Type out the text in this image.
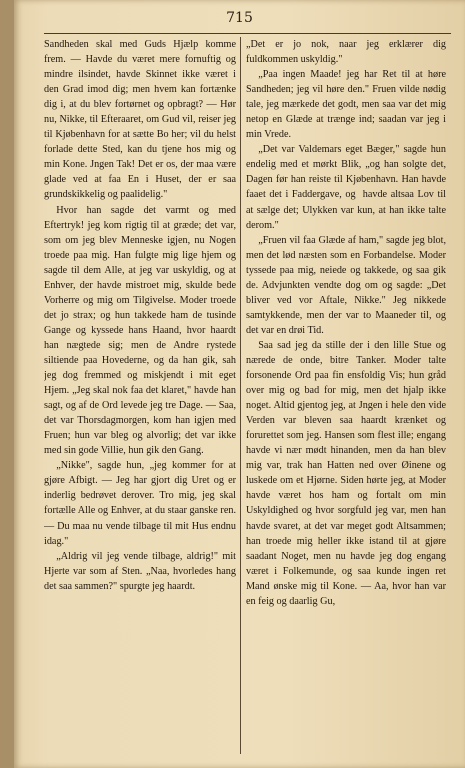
715

Sandheden skal med Guds Hjælp komme frem. — Havde du været mere fornuftig og mindre ilsindet, havde Skinnet ikke været i den Grad imod dig; men hvem kan fortænke dig i, at du blev fortørnet og opbragt? — Hør nu, Nikke, til Efteraaret, om Gud vil, reiser jeg til Kjøbenhavn for at sætte Bo her; vil du helst forlade dette Sted, kan du tjene hos mig og min Kone. Jngen Tak! Det er os, der maa være glade ved at faa En i Huset, der er saa grundskikkelig og paalidelig."

Hvor han sagde det varmt og med Eftertryk! jeg kom rigtig til at græde; det var, som om jeg blev Menneske igjen, nu Nogen troede paa mig. Han fulgte mig lige hjem og sagde til dem Alle, at jeg var uskyldig, og at Enhver, der havde mistroet mig, skulde bede Vorherre og mig om Tilgivelse. Moder troede det jo strax; og hun takkede ham de tusinde Gange og kyssede hans Haand, hvor haardt han nægtede sig; men de Andre rystede siltiende paa Hovederne, og da han gik, sah jeg dog fremmed og miskjendt i mit eget Hjem. „Jeg skal nok faa det klaret," havde han sagt, og af de Ord levede jeg tre Dage. — Saa, det var Thorsdagmorgen, kom han igjen med Fruen; hun var bleg og alvorlig; det var ikke med sin gode Villie, hun gik den Gang.

„Nikke", sagde hun, „jeg kommer for at gjøre Afbigt. — Jeg har gjort dig Uret og er inderlig bedrøvet derover. Tro mig, jeg skal fortælle Alle og Enhver, at du staar ganske ren. — Du maa nu vende tilbage til mit Hus endnu idag."

„Aldrig vil jeg vende tilbage, aldrig!" mit Hjerte var som af Sten. „Naa, hvorledes hang det saa sammen?" spurgte jeg haardt.

„Det er jo nok, naar jeg erklærer dig fuldkommen uskyldig."

„Paa ingen Maade! jeg har Ret til at høre Sandheden; jeg vil høre den." Fruen vilde nødig tale, jeg mærkede det godt, men saa var det mig netop en Glæde at trænge ind; saadan var jeg i min Vrede.

„Det var Valdemars eget Bæger," sagde hun endelig med et mørkt Blik, „og han solgte det, Dagen før han reiste til Kjøbenhavn. Han havde faaet det i Faddergave, og havde altsaa Lov til at sælge det; Ulykken var kun, at han ikke talte derom."

„Fruen vil faa Glæde af ham," sagde jeg blot, men det lød næsten som en Forbandelse. Moder tyssede paa mig, neiede og takkede, og saa gik de. Advjunkten vendte dog om og sagde: „Det bliver ved vor Aftale, Nikke." Jeg nikkede samtykkende, men der var to Maaneder til, og det var en drøi Tid.

Saa sad jeg da stille der i den lille Stue og nærede de onde, bitre Tanker. Moder talte forsonende Ord paa fin ensfoldig Vis; hun gråd over mig og bad for mig, men det hjalp ikke noget. Altid gjentog jeg, at Jngen i hele den vide Verden var bleven saa haardt krænket og forurettet som jeg. Hansen som flest ille; engang havde vi nær mødt hinanden, men da han blev mig var, trak han Hatten ned over Øinene og luskede om et Hjørne. Siden hørte jeg, at Moder havde været hos ham og fortalt om min Uskyldighed og hvor sorgfuld jeg var, men han havde svaret, at det var meget godt Altsammen; han troede mig heller ikke istand til at gjøre saadant Noget, men nu havde jeg dog engang været i Folkemunde, og saa kunde ingen ret Mand ønske mig til Kone. — Aa, hvor han var en feig og daarlig Gu,
